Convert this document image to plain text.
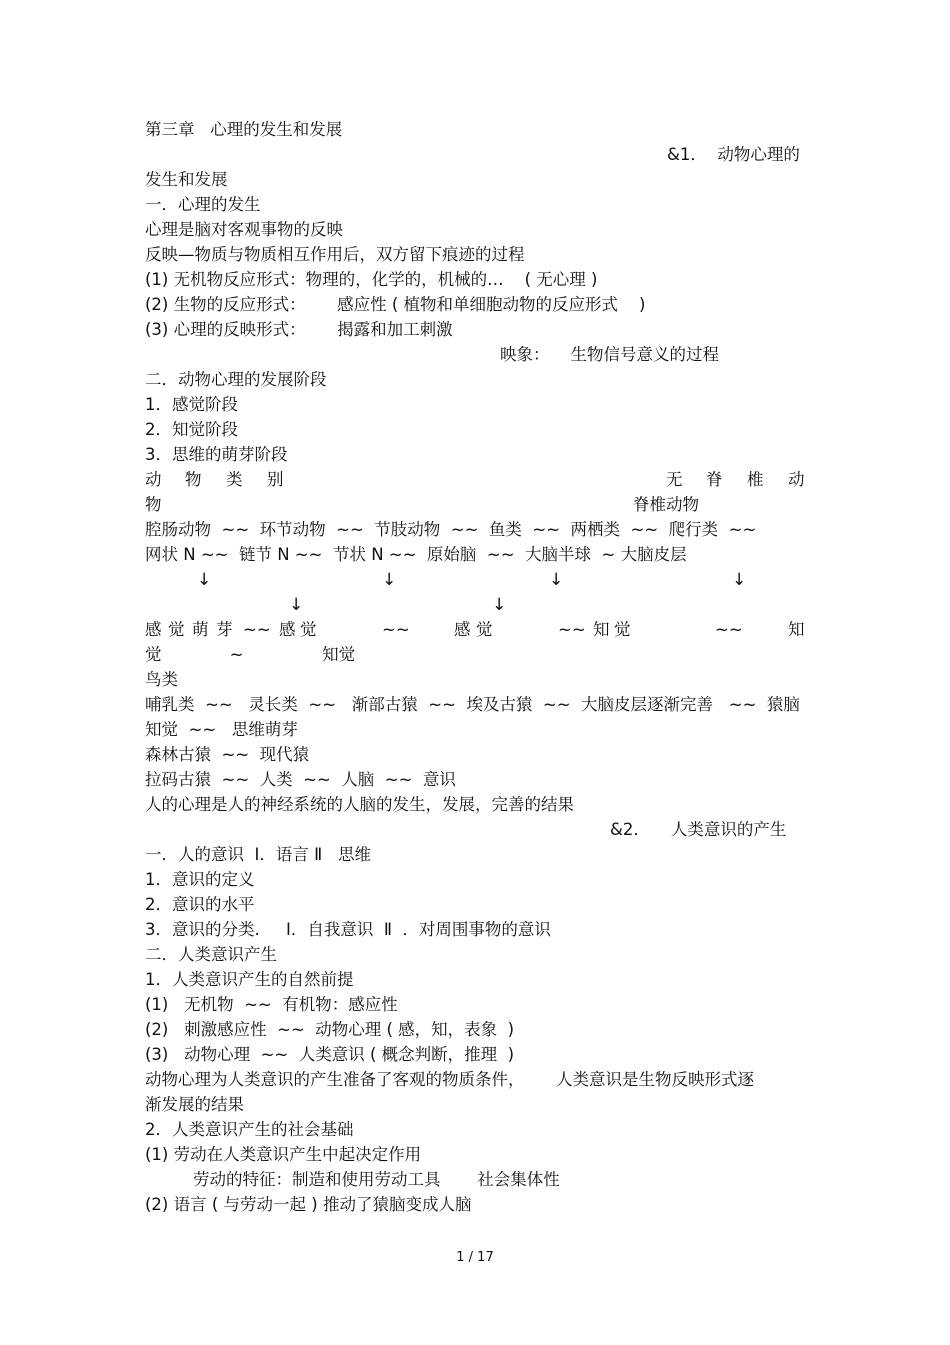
第三章   心理的发生和发展
&1．  动物心理的
发生和发展
一．心理的发生
心理是脑对客观事物的反映
反映—物质与物质相互作用后，双方留下痕迹的过程
(1) 无机物反应形式：物理的，化学的，机械的…    ( 无心理 )
(2) 生物的反应形式：      感应性 ( 植物和单细胞动物的反应形式    )
(3) 心理的反映形式：      揭露和加工刺激
映象：    生物信号意义的过程
二．动物心理的发展阶段
1．感觉阶段
2．知觉阶段
3．思维的萌芽阶段
动 物 类 别	无 脊 椎 动
物	脊椎动物
腔肠动物  ~~  环节动物  ~~  节肢动物  ~~  鱼类  ~~  两栖类  ~~  爬行类  ~~
网状 N ~~  链节 N ~~  节状 N ~~  原始脑  ~~  大脑半球  ~ 大脑皮层
↓	↓	↓	↓
↓	↓
感 觉 萌 芽 ~~ 感 觉	~~	感 觉	~~ 知 觉	~~	知
觉             ~               知觉
鸟类
哺乳类  ~~   灵长类  ~~   渐部古猿  ~~  埃及古猿  ~~  大脑皮层逐渐完善   ~~  猿脑
知觉  ~~   思维萌芽
森林古猿  ~~  现代猿
拉码古猿  ~~  人类  ~~  人脑  ~~  意识
人的心理是人的神经系统的人脑的发生，发展，完善的结果
&2．    人类意识的产生
一．人的意识  Ⅰ．语言 Ⅱ   思维
1．意识的定义
2．意识的水平
3．意识的分类.     Ⅰ．自我意识  Ⅱ  ．对周围事物的意识
二．人类意识产生
1．人类意识产生的自然前提
(1)   无机物  ~~  有机物：感应性
(2)   刺激感应性  ~~  动物心理 ( 感，知，表象  )
(3)   动物心理  ~~  人类意识 ( 概念判断，推理  )
动物心理为人类意识的产生准备了客观的物质条件，      人类意识是生物反映形式逐
渐发展的结果
2．人类意识产生的社会基础
(1) 劳动在人类意识产生中起决定作用
劳动的特征：制造和使用劳动工具       社会集体性
(2) 语言 ( 与劳动一起 ) 推动了猿脑变成人脑
1 / 17
